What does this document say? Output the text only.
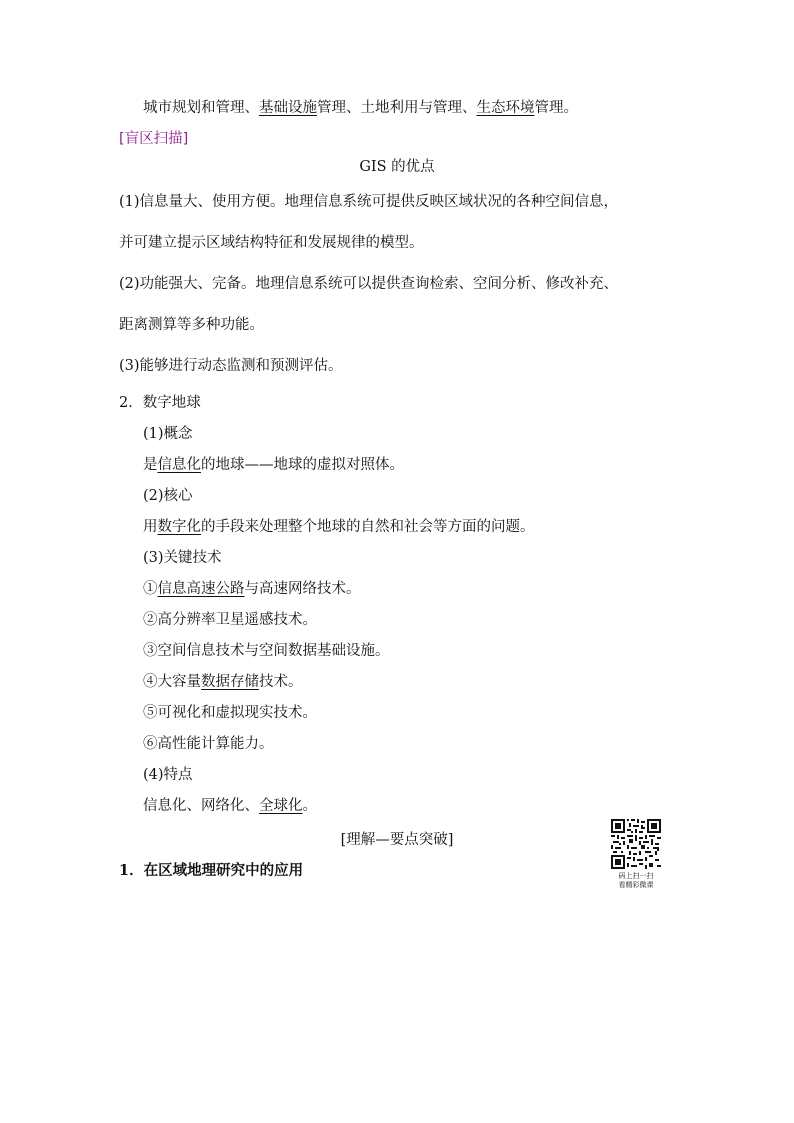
城市规划和管理、基础设施管理、土地利用与管理、生态环境管理。
[盲区扫描]
GIS 的优点
(1)信息量大、使用方便。地理信息系统可提供反映区域状况的各种空间信息，
并可建立提示区域结构特征和发展规律的模型。
(2)功能强大、完备。地理信息系统可以提供查询检索、空间分析、修改补充、
距离测算等多种功能。
(3)能够进行动态监测和预测评估。
2．数字地球
(1)概念
是信息化的地球——地球的虚拟对照体。
(2)核心
用数字化的手段来处理整个地球的自然和社会等方面的问题。
(3)关键技术
①信息高速公路与高速网络技术。
②高分辨率卫星遥感技术。
③空间信息技术与空间数据基础设施。
④大容量数据存储技术。
⑤可视化和虚拟现实技术。
⑥高性能计算能力。
(4)特点
信息化、网络化、全球化。
[理解—要点突破]
1．在区域地理研究中的应用	码上扫一扫
看精彩微课
